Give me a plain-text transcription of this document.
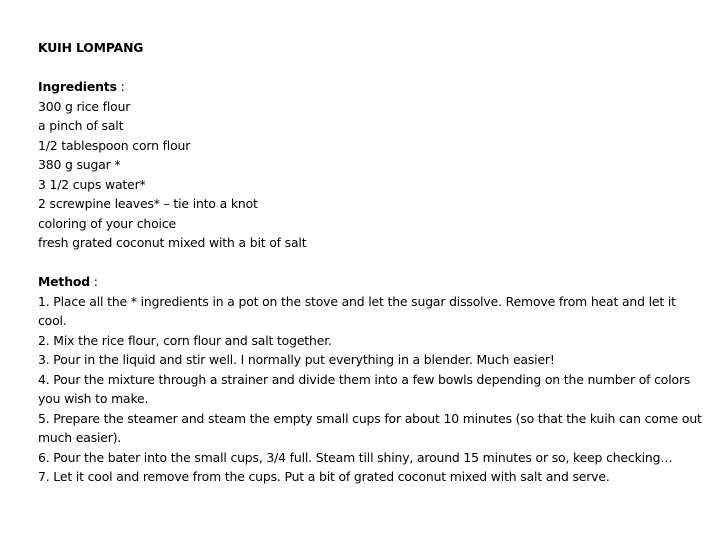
KUIH LOMPANG
Ingredients :
300 g rice flour
a pinch of salt
1/2 tablespoon corn flour
380 g sugar *
3 1/2 cups water*
2 screwpine leaves* – tie into a knot
coloring of your choice
fresh grated coconut mixed with a bit of salt
Method :
1. Place all the * ingredients in a pot on the stove and let the sugar dissolve. Remove from heat and let it cool.
2. Mix the rice flour, corn flour and salt together.
3. Pour in the liquid and stir well. I normally put everything in a blender. Much easier!
4. Pour the mixture through a strainer and divide them into a few bowls depending on the number of colors you wish to make.
5. Prepare the steamer and steam the empty small cups for about 10 minutes (so that the kuih can come out much easier).
6. Pour the bater into the small cups, 3/4 full. Steam till shiny, around 15 minutes or so, keep checking…
7. Let it cool and remove from the cups. Put a bit of grated coconut mixed with salt and serve.
